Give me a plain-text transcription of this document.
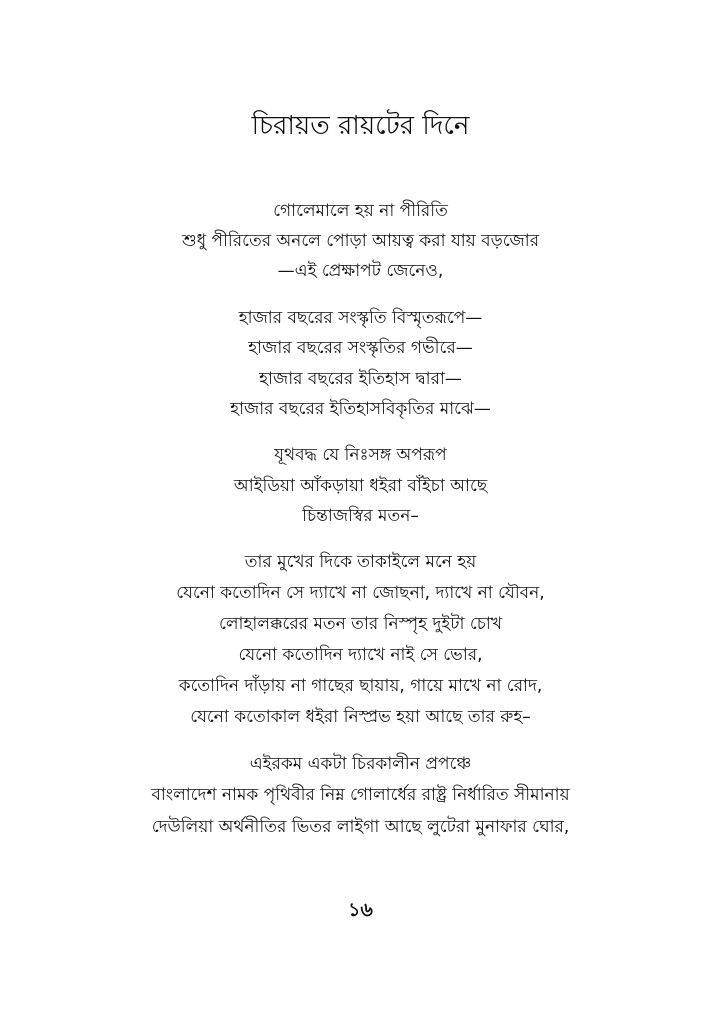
চিরায়ত রায়টের দিনে
গোলেমালে হয় না পীরিতি
শুধু পীরিতের অনলে পোড়া আয়ত্ব করা যায় বড়জোর
—এই প্রেক্ষাপট জেনেও,
হাজার বছরের সংস্কৃতি বিস্মৃতরূপে—
হাজার বছরের সংস্কৃতির গভীরে—
হাজার বছরের ইতিহাস দ্বারা—
হাজার বছরের ইতিহাসবিকৃতির মাঝে—
যূথবদ্ধ যে নিঃসঙ্গ অপরূপ
আইডিয়া আঁকড়ায়া ধইরা বাঁইচা আছে
চিন্তাজস্বির মতন–
তার মুখের দিকে তাকাইলে মনে হয়
যেনো কতোদিন সে দ্যাখে না জোছনা, দ্যাখে না যৌবন,
লোহালক্করের মতন তার নিস্পৃহ দুইটা চোখ
যেনো কতোদিন দ্যাখে নাই সে ভোর,
কতোদিন দাঁড়ায় না গাছের ছায়ায়, গায়ে মাখে না রোদ,
যেনো কতোকাল ধইরা নিস্প্রভ হয়া আছে তার রুহ–
এইরকম একটা চিরকালীন প্রপঞ্চে
বাংলাদেশ নামক পৃথিবীর নিম্ন গোলার্ধের রাষ্ট্র নির্ধারিত সীমানায়
দেউলিয়া অর্থনীতির ভিতর লাইগা আছে লুটেরা মুনাফার ঘোর,
১৬
